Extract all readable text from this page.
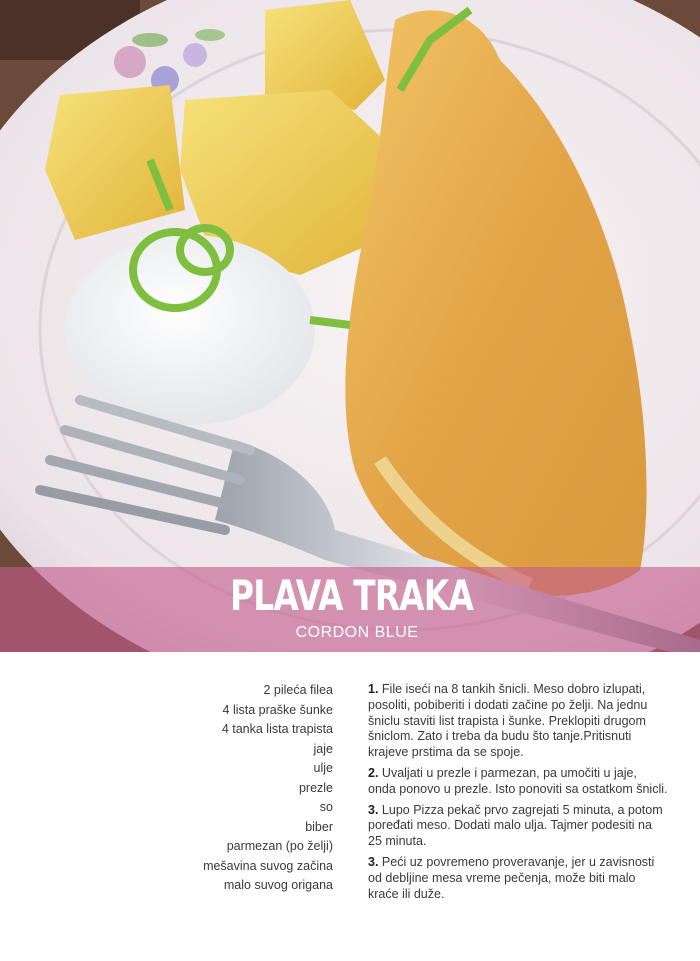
PLAVA TRAKA
CORDON BLUE
2 pileća filea
4 lista praške šunke
4 tanka lista trapista
jaje
ulje
prezle
so
biber
parmezan (po želji)
mešavina suvog začina
malo suvog origana

1. File iseći na 8 tankih šnicli. Meso dobro izlupati, posoliti, pobiberiti i dodati začine po želji. Na jednu šniclu staviti list trapista i šunke. Preklopiti drugom šniclom. Zato i treba da budu što tanje.Pritisnuti krajeve prstima da se spoje.

2. Uvaljati u prezle i parmezan, pa umočiti u jaje, onda ponovo u prezle. Isto ponoviti sa ostatkom šnicli.

3. Lupo Pizza pekač prvo zagrejati 5 minuta, a potom poređati meso. Dodati malo ulja. Tajmer podesiti na 25 minuta.

3. Peći uz povremeno proveravanje, jer u zavisnosti od debljine mesa vreme pečenja, može biti malo kraće ili duže.
